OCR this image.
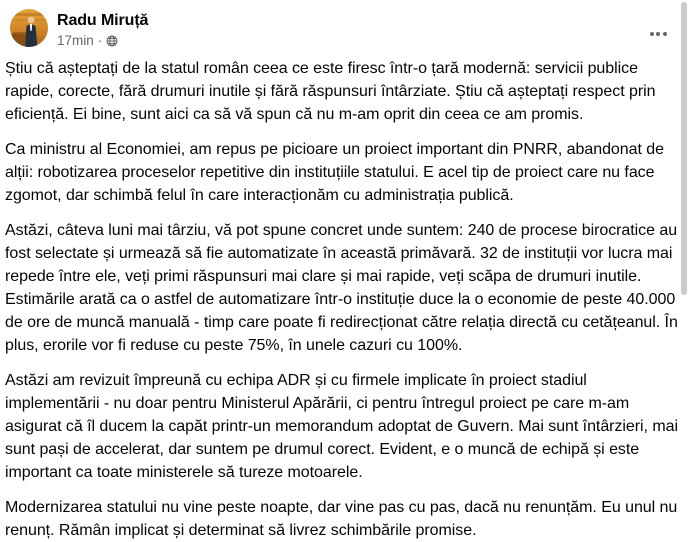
Radu Miruță
17min ·

Știu că așteptați de la statul român ceea ce este firesc într-o țară modernă: servicii publice rapide, corecte, fără drumuri inutile și fără răspunsuri întârziate. Știu că așteptați respect prin eficiență. Ei bine, sunt aici ca să vă spun că nu m-am oprit din ceea ce am promis.

Ca ministru al Economiei, am repus pe picioare un proiect important din PNRR, abandonat de alții: robotizarea proceselor repetitive din instituțiile statului. E acel tip de proiect care nu face zgomot, dar schimbă felul în care interacționăm cu administrația publică.

Astăzi, câteva luni mai târziu, vă pot spune concret unde suntem: 240 de procese birocratice au fost selectate și urmează să fie automatizate în această primăvară. 32 de instituții vor lucra mai repede între ele, veți primi răspunsuri mai clare și mai rapide, veți scăpa de drumuri inutile. Estimările arată ca o astfel de automatizare într-o instituție duce la o economie de peste 40.000 de ore de muncă manuală - timp care poate fi redirecționat către relația directă cu cetățeanul. În plus, erorile vor fi reduse cu peste 75%, în unele cazuri cu 100%.

Astăzi am revizuit împreună cu echipa ADR și cu firmele implicate în proiect stadiul implementării - nu doar pentru Ministerul Apărării, ci pentru întregul proiect pe care m-am asigurat că îl ducem la capăt printr-un memorandum adoptat de Guvern. Mai sunt întârzieri, mai sunt pași de accelerat, dar suntem pe drumul corect. Evident, e o muncă de echipă și este important ca toate ministerele să tureze motoarele.

Modernizarea statului nu vine peste noapte, dar vine pas cu pas, dacă nu renunțăm. Eu unul nu renunț. Rămân implicat și determinat să livrez schimbările promise.
